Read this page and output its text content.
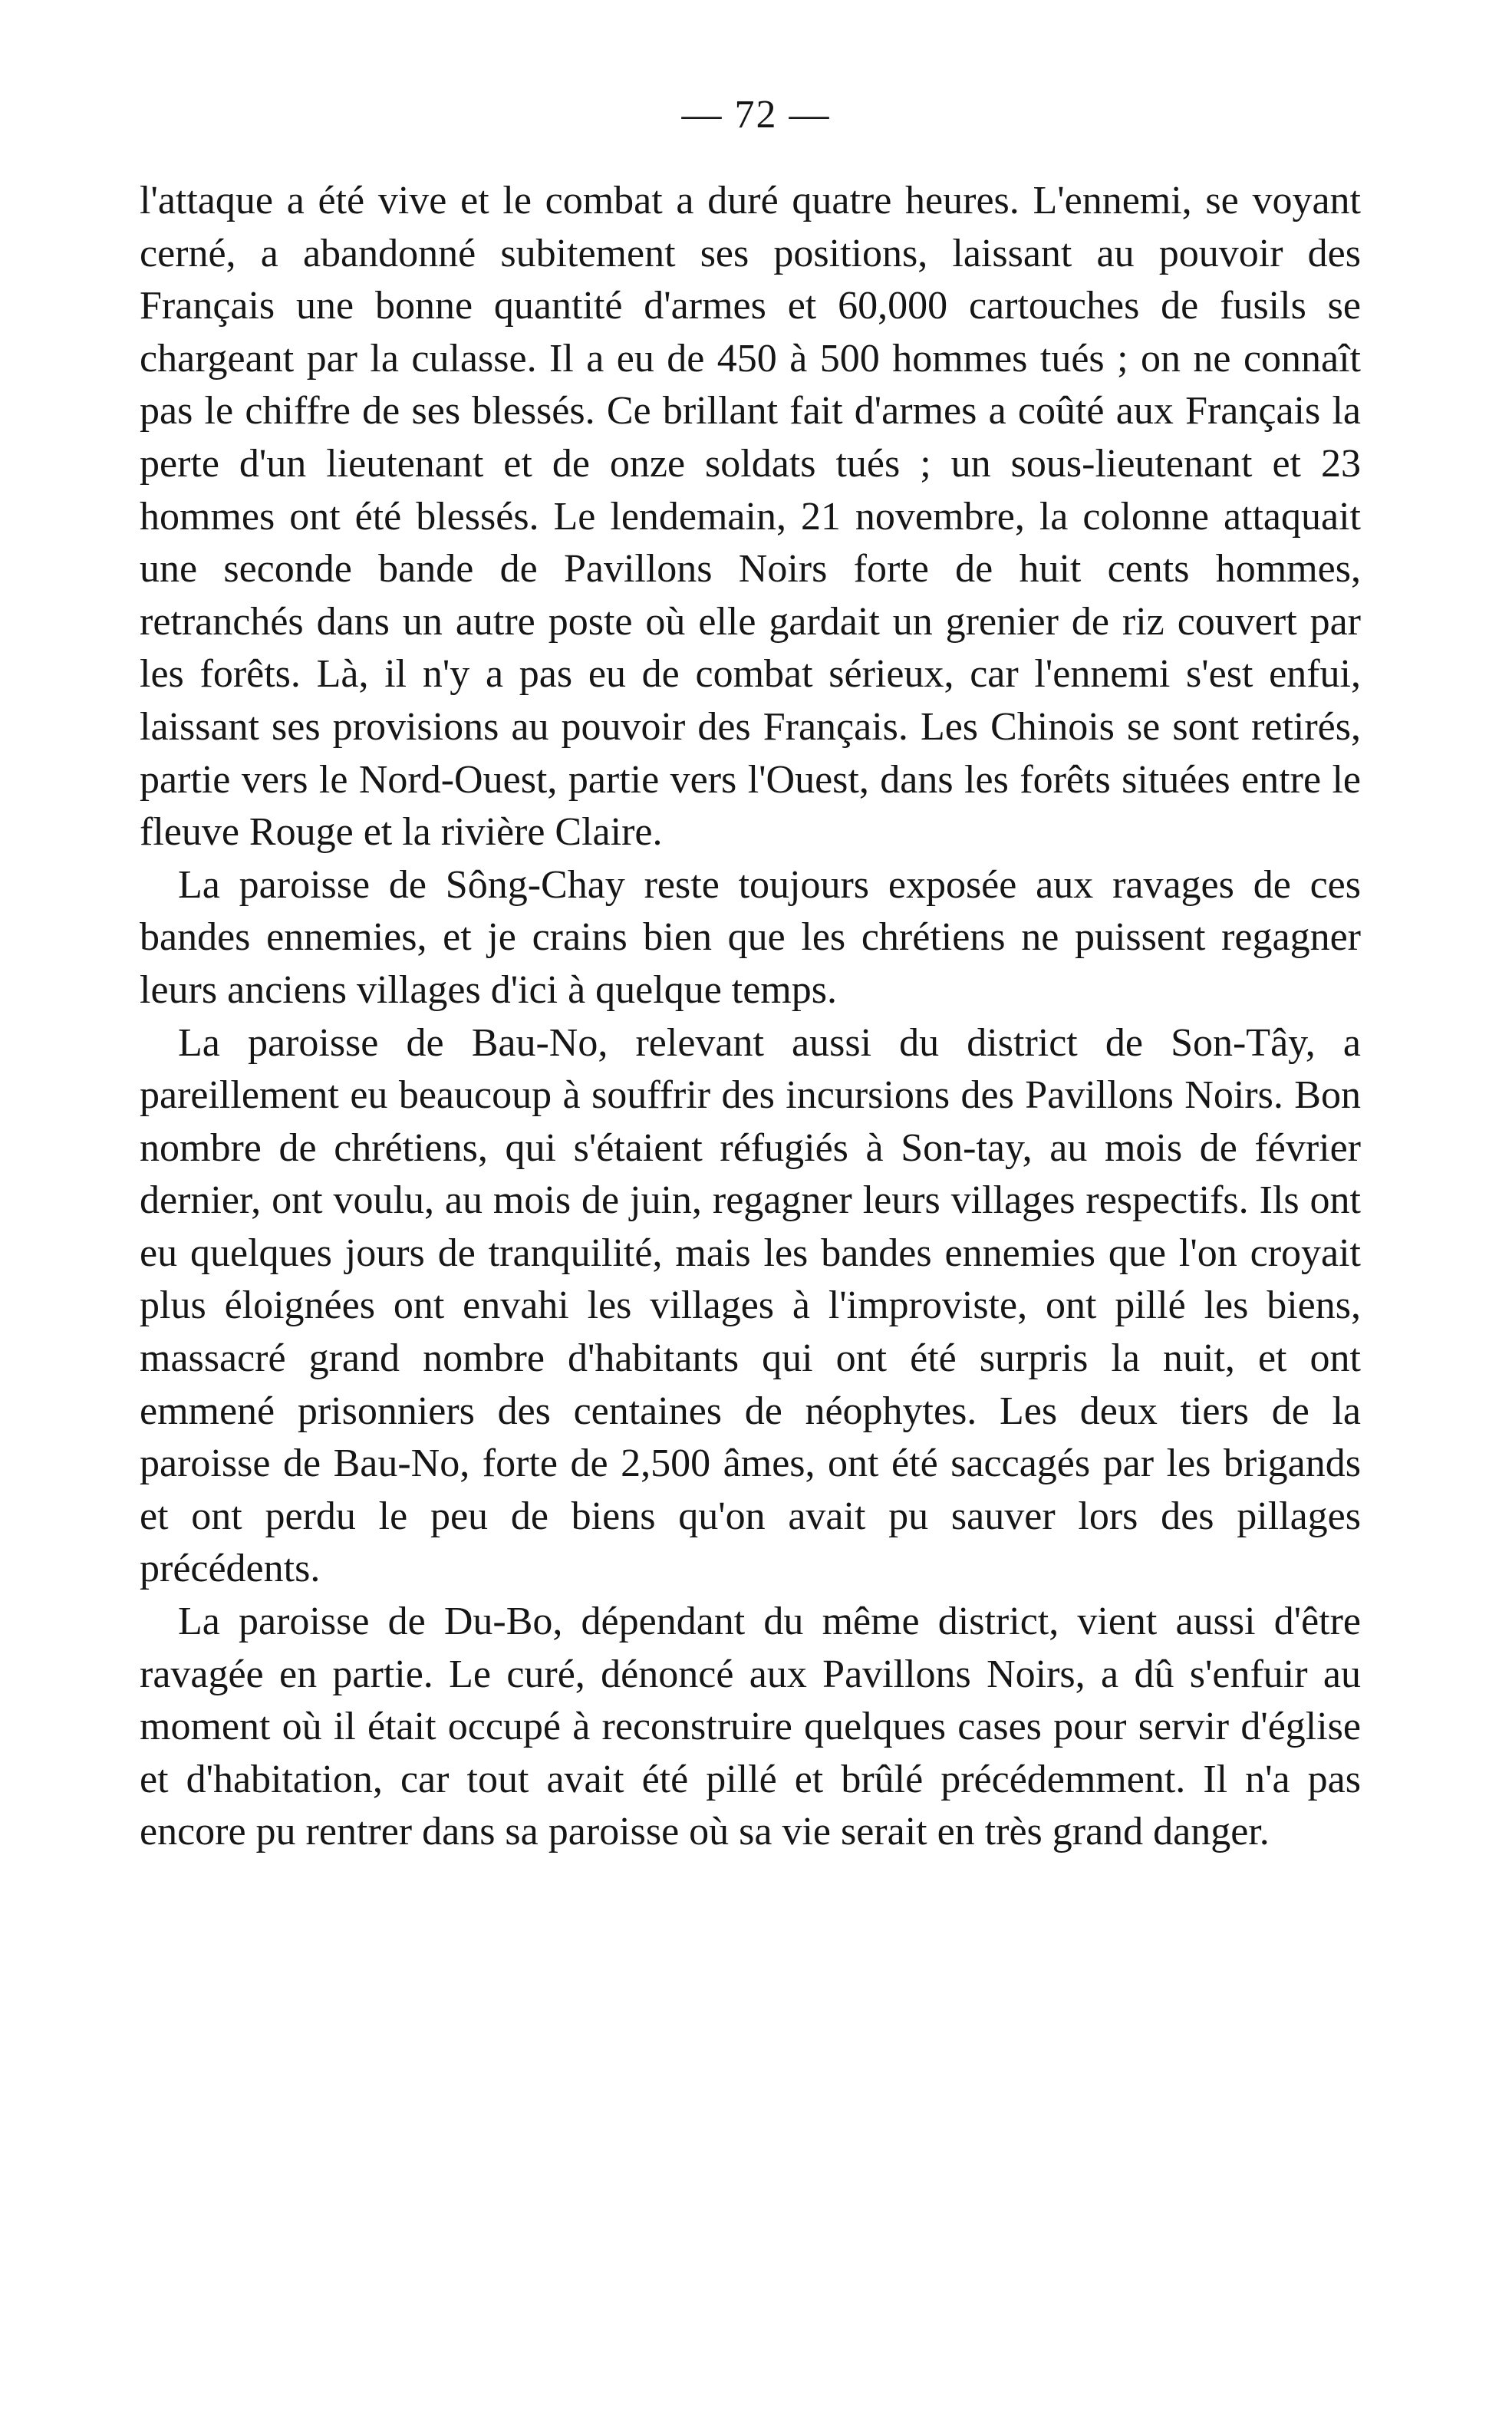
— 72 —

l'attaque a été vive et le combat a duré quatre heures. L'ennemi, se voyant cerné, a abandonné subitement ses positions, laissant au pouvoir des Français une bonne quantité d'armes et 60,000 cartouches de fusils se chargeant par la culasse. Il a eu de 450 à 500 hommes tués ; on ne connaît pas le chiffre de ses blessés. Ce brillant fait d'armes a coûté aux Français la perte d'un lieutenant et de onze soldats tués ; un sous-lieutenant et 23 hommes ont été blessés. Le lendemain, 21 novembre, la colonne attaquait une seconde bande de Pavillons Noirs forte de huit cents hommes, retranchés dans un autre poste où elle gardait un grenier de riz couvert par les forêts. Là, il n'y a pas eu de combat sérieux, car l'ennemi s'est enfui, laissant ses provisions au pouvoir des Français. Les Chinois se sont retirés, partie vers le Nord-Ouest, partie vers l'Ouest, dans les forêts situées entre le fleuve Rouge et la rivière Claire.

La paroisse de Sông-Chay reste toujours exposée aux ravages de ces bandes ennemies, et je crains bien que les chrétiens ne puissent regagner leurs anciens villages d'ici à quelque temps.

La paroisse de Bau-No, relevant aussi du district de Son-Tây, a pareillement eu beaucoup à souffrir des incursions des Pavillons Noirs. Bon nombre de chrétiens, qui s'étaient réfugiés à Son-tay, au mois de février dernier, ont voulu, au mois de juin, regagner leurs villages respectifs. Ils ont eu quelques jours de tranquilité, mais les bandes ennemies que l'on croyait plus éloignées ont envahi les villages à l'improviste, ont pillé les biens, massacré grand nombre d'habitants qui ont été surpris la nuit, et ont emmené prisonniers des centaines de néophytes. Les deux tiers de la paroisse de Bau-No, forte de 2,500 âmes, ont été saccagés par les brigands et ont perdu le peu de biens qu'on avait pu sauver lors des pillages précédents.

La paroisse de Du-Bo, dépendant du même district, vient aussi d'être ravagée en partie. Le curé, dénoncé aux Pavillons Noirs, a dû s'enfuir au moment où il était occupé à reconstruire quelques cases pour servir d'église et d'habitation, car tout avait été pillé et brûlé précédemment. Il n'a pas encore pu rentrer dans sa paroisse où sa vie serait en très grand danger.
